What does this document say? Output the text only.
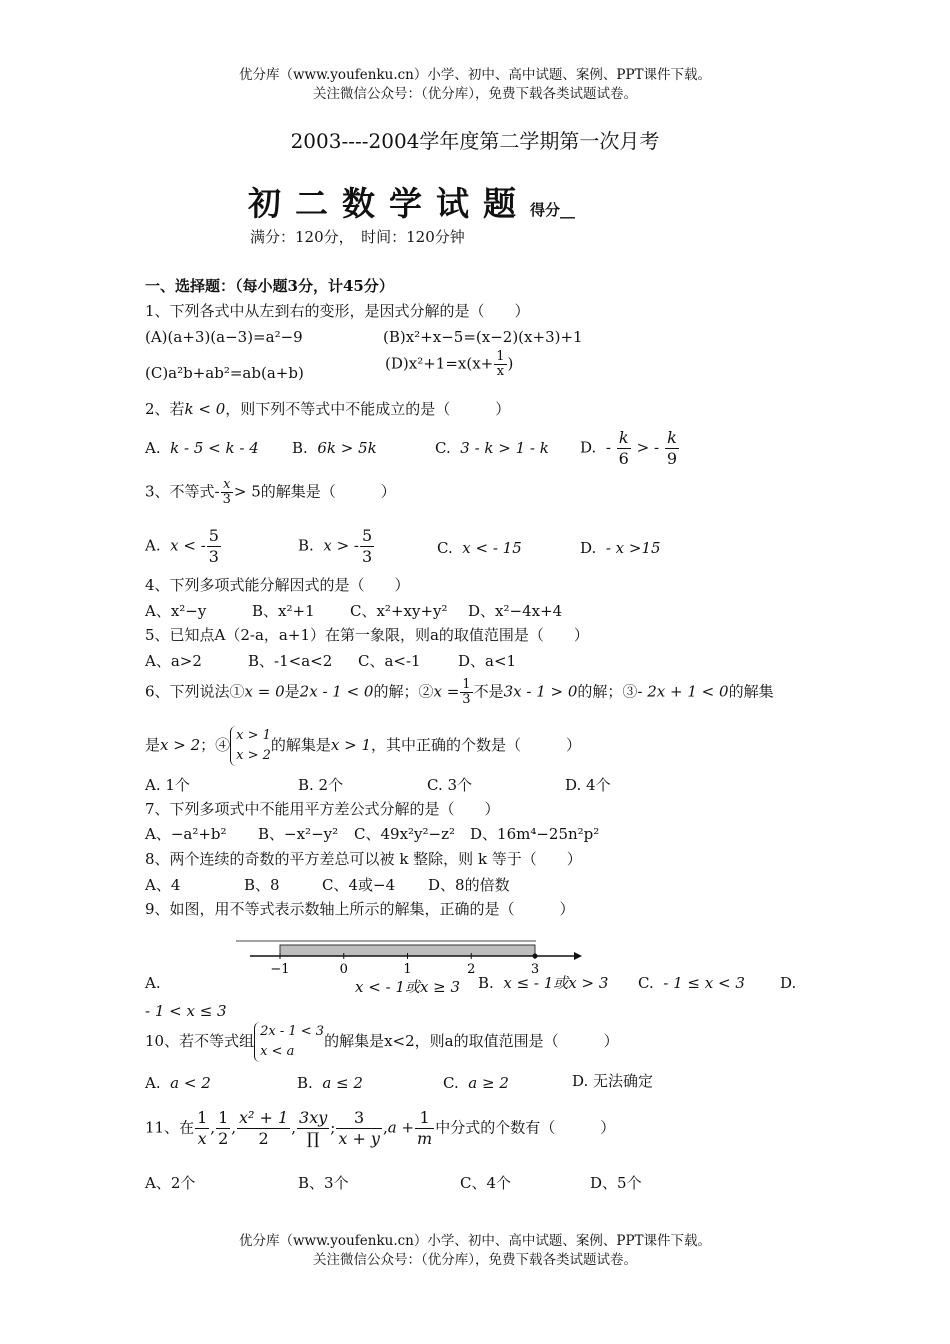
优分库（www.youfenku.cn）小学、初中、高中试题、案例、PPT课件下载。
关注微信公众号：（优分库），免费下载各类试题试卷。
2003----2004学年度第二学期第一次月考
初二数学试题得分__
满分：120分，　时间：120分钟
一、选择题：（每小题3分，计45分）
1、下列各式中从左到右的变形，是因式分解的是（　　）
(A)(a+3)(a−3)=a²−9	(B)x²+x−5=(x−2)(x+3)+1
(C)a²b+ab²=ab(a+b)
$(D)x^2+1=x(x+ \frac{1}{x}$ )
2、若k < 0，则下列不等式中不能成立的是（　　　）
A. k - 5 < k - 4 B. 6k > 5k	C. 3 - k > 1 - k D. - $\frac{k}{6}$ > - $\frac{k}{9}$
3、不等式- $\frac{x}{3} > 5$的解集是（　　　）
A. x < - $\frac{5}{3}$	B. x > - $\frac{5}{3}$	C. x < - 15	D. - x >15
4、下列多项式能分解因式的是（　　）
A、x²−y	B、x²+1 C、x²+xy+y² D、x²−4x+4
5、已知点A（2-a，a+1）在第一象限，则a的取值范围是（　　）
A、a>2	B、-1<a<2 C、a<-1 D、a<1
6、下列说法①x = 0是2x - 1 < 0的解；②x = $\frac{1}{3}$ 不是3x - 1 > 0的解；③- 2x + 1 < 0的解集
是x > 2；④
x > 1
x > 2
的解集是x > 1，其中正确的个数是（　　　）
A. 1个	B. 2个	C. 3个	D. 4个
7、下列多项式中不能用平方差公式分解的是（　　）
A、−a²+b² B、−x²−y² C、49x²y²−z² D、16m⁴−25n²p²
8、两个连续的奇数的平方差总可以被 k 整除，则 k 等于（　　）
A、4	B、8	C、4或−4 D、8的倍数
9、如图，用不等式表示数轴上所示的解集，正确的是（　　　）
−1	0	1	2	3
A.	x < - 1或x ≥ 3 B. x ≤ - 1或x > 3 C. - 1 ≤ x < 3 D.
- 1 < x ≤ 3
10、若不等式组
2x - 1 < 3
x < a
的解集是x<2，则a的取值范围是（　　　）
A. a < 2	B. a ≤ 2	C. a ≥ 2	D. 无法确定
11、在 $\frac{1}{x}$ , $\frac{1}{2}$ , $\frac{\text{x² + 1}}{2}$ , $\frac{3xy}{\prod}$ ; $\frac{3}{x + y} ,a + \frac{1}{m}$ 中分式的个数有（　　　）
A、2个	B、3个	C、4个	D、5个
优分库（www.youfenku.cn）小学、初中、高中试题、案例、PPT课件下载。
关注微信公众号：（优分库），免费下载各类试题试卷。
